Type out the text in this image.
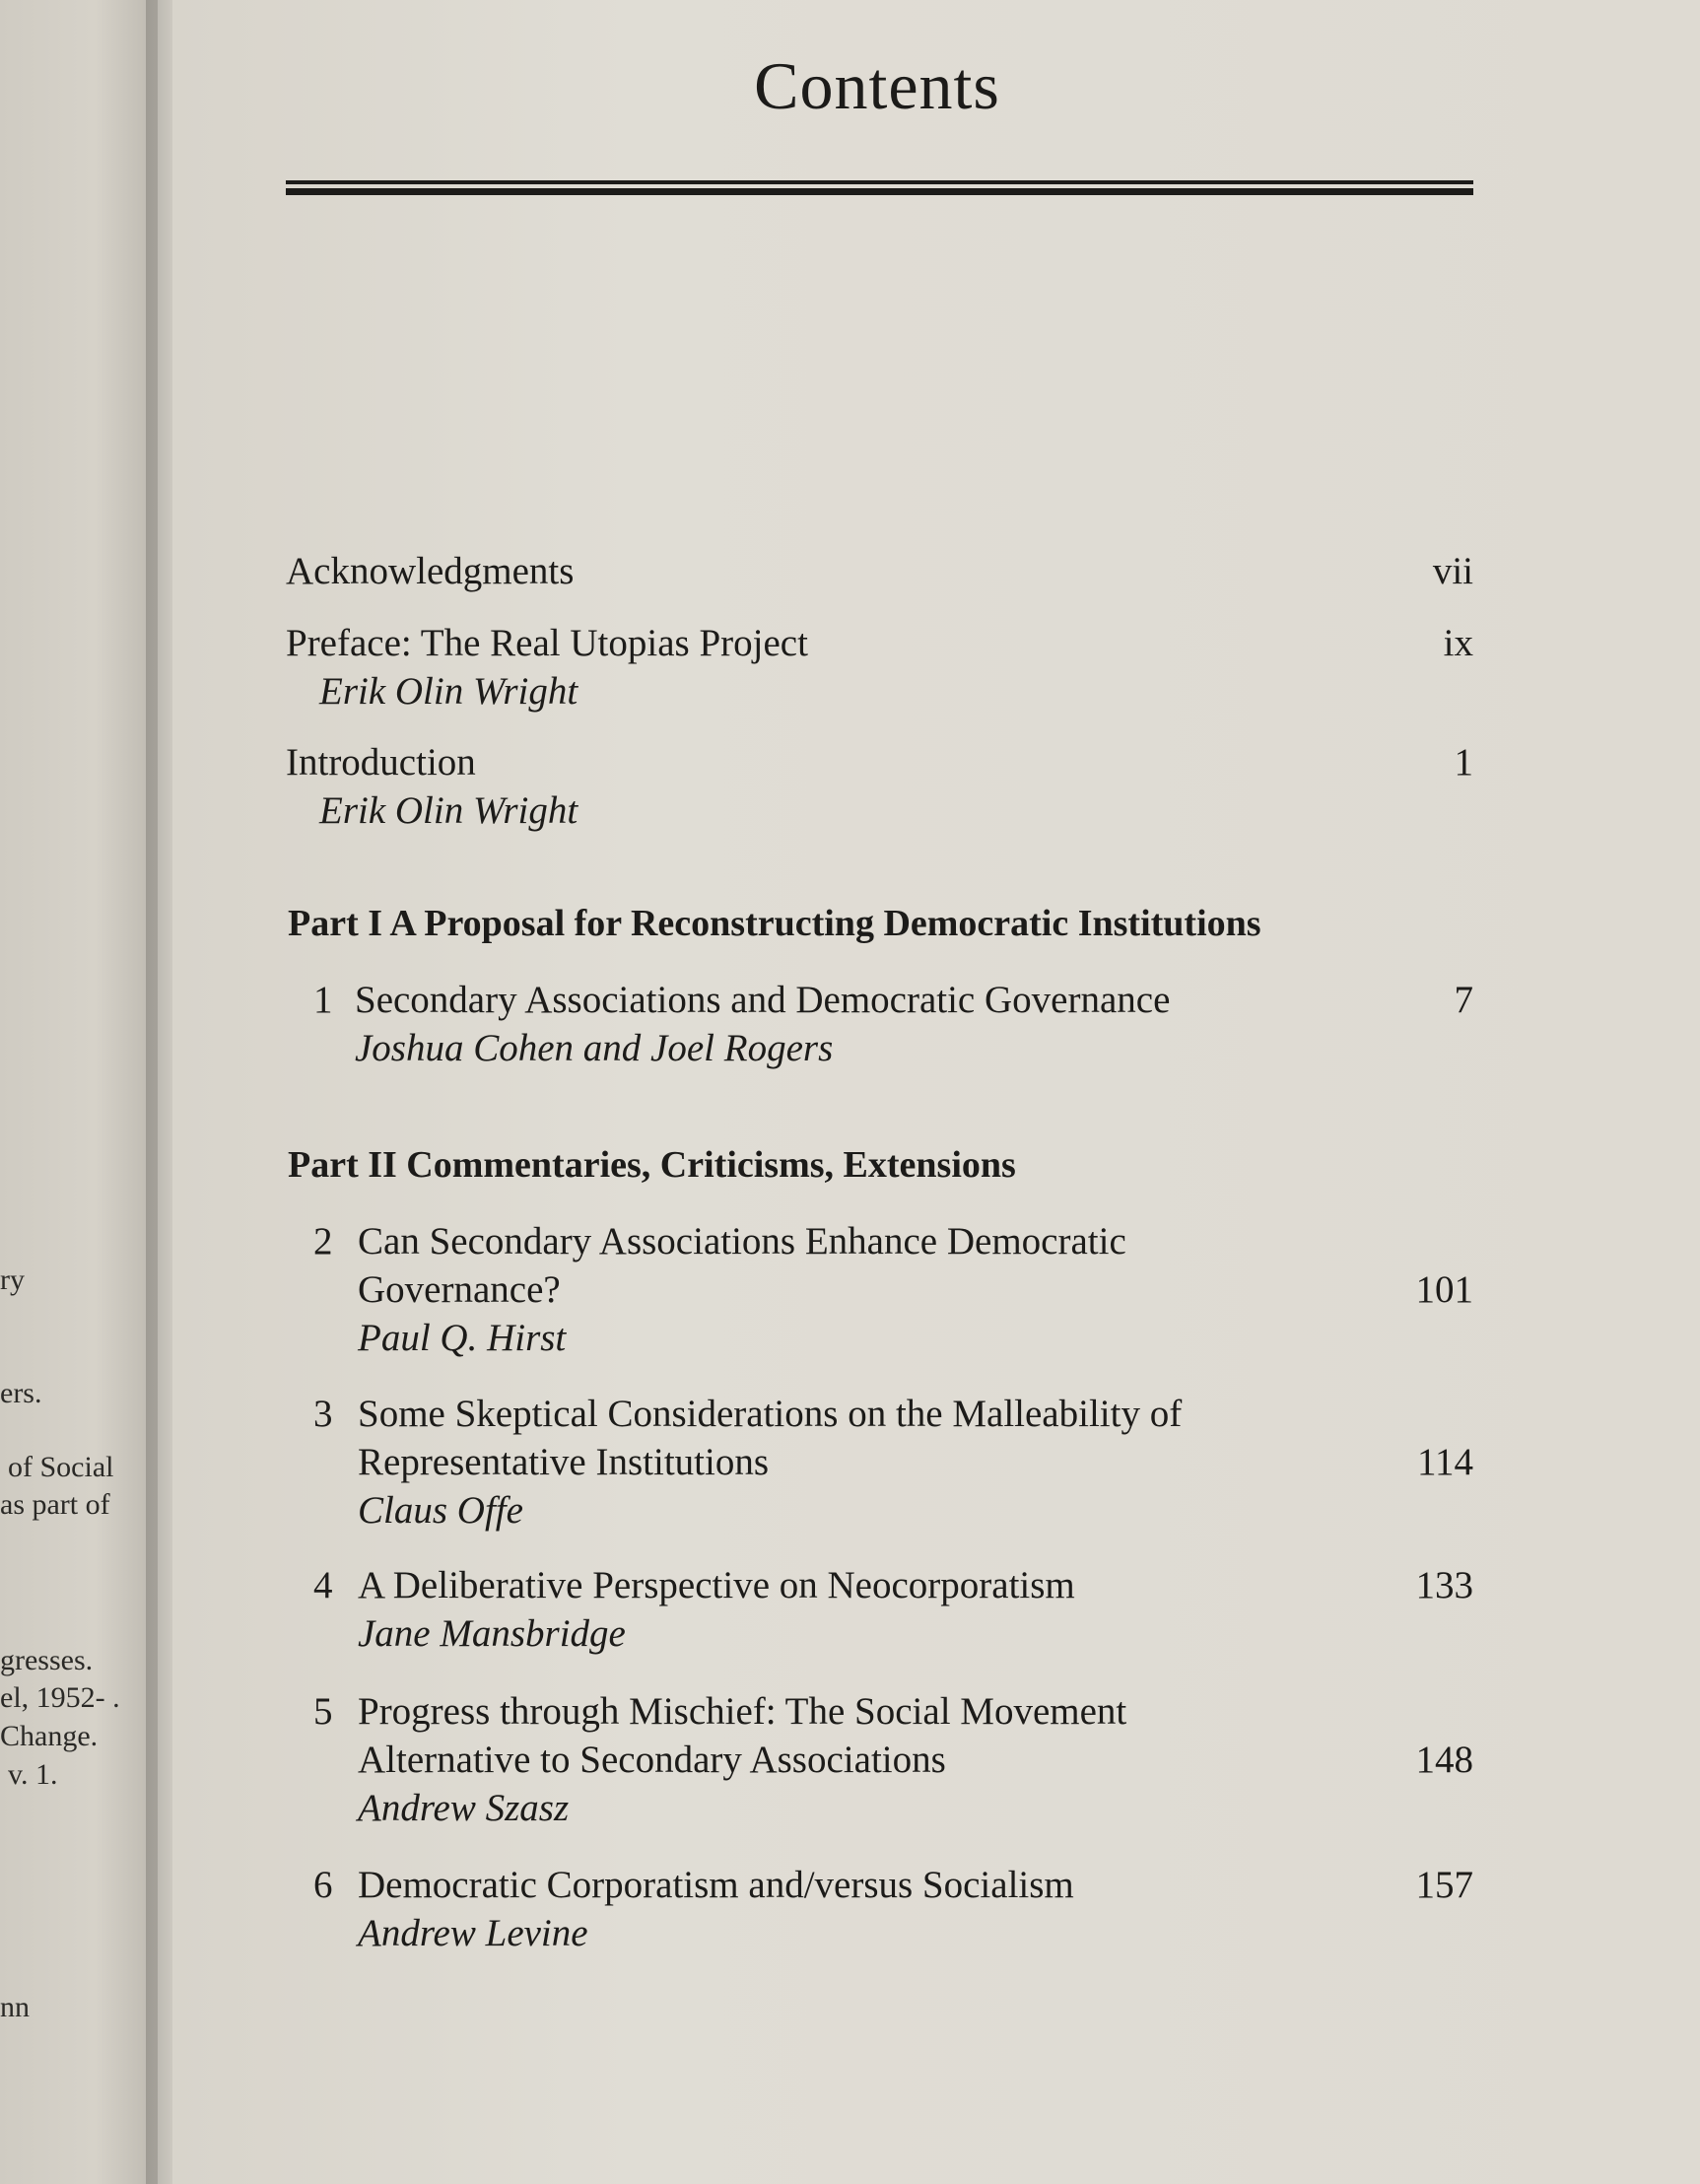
ry
ers.
of Social
as part of
gresses.
el, 1952- .
Change.
v. 1.
nn
Contents
Acknowledgments	vii
Preface: The Real Utopias Project
Erik Olin Wright
ix
Introduction
Erik Olin Wright
1
Part I A Proposal for Reconstructing Democratic Institutions
1 Secondary Associations and Democratic Governance
Joshua Cohen and Joel Rogers
7
Part II Commentaries, Criticisms, Extensions
2 Can Secondary Associations Enhance Democratic
Governance?
Paul Q. Hirst
101
3 Some Skeptical Considerations on the Malleability of
Representative Institutions
Claus Offe
114
4 A Deliberative Perspective on Neocorporatism
Jane Mansbridge
133
5 Progress through Mischief: The Social Movement
Alternative to Secondary Associations
Andrew Szasz
148
6 Democratic Corporatism and/versus Socialism
Andrew Levine
157
